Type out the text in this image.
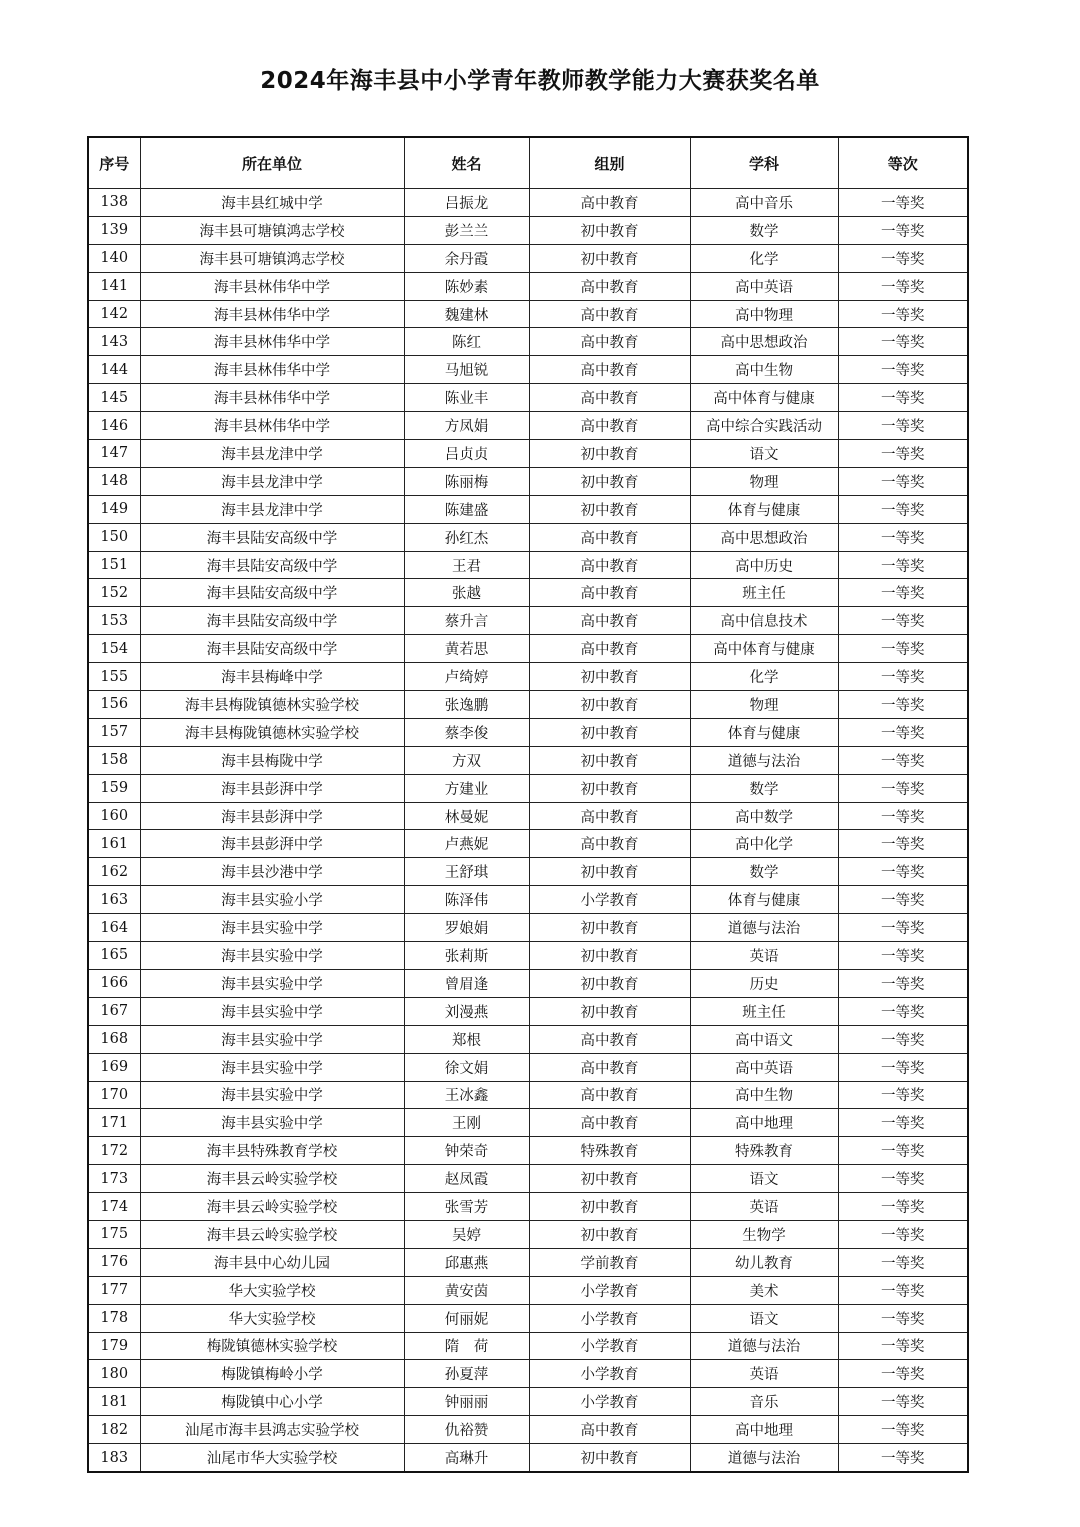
2024年海丰县中小学青年教师教学能力大赛获奖名单
序号	所在单位	姓名	组别	学科	等次
138	海丰县红城中学	吕振龙	高中教育	高中音乐	一等奖
139	海丰县可塘镇鸿志学校	彭兰兰	初中教育	数学	一等奖
140	海丰县可塘镇鸿志学校	余丹霞	初中教育	化学	一等奖
141	海丰县林伟华中学	陈妙素	高中教育	高中英语	一等奖
142	海丰县林伟华中学	魏建林	高中教育	高中物理	一等奖
143	海丰县林伟华中学	陈红	高中教育	高中思想政治	一等奖
144	海丰县林伟华中学	马旭锐	高中教育	高中生物	一等奖
145	海丰县林伟华中学	陈业丰	高中教育	高中体育与健康	一等奖
146	海丰县林伟华中学	方凤娟	高中教育	高中综合实践活动	一等奖
147	海丰县龙津中学	吕贞贞	初中教育	语文	一等奖
148	海丰县龙津中学	陈丽梅	初中教育	物理	一等奖
149	海丰县龙津中学	陈建盛	初中教育	体育与健康	一等奖
150	海丰县陆安高级中学	孙红杰	高中教育	高中思想政治	一等奖
151	海丰县陆安高级中学	王君	高中教育	高中历史	一等奖
152	海丰县陆安高级中学	张越	高中教育	班主任	一等奖
153	海丰县陆安高级中学	蔡升言	高中教育	高中信息技术	一等奖
154	海丰县陆安高级中学	黄若思	高中教育	高中体育与健康	一等奖
155	海丰县梅峰中学	卢绮婷	初中教育	化学	一等奖
156	海丰县梅陇镇德林实验学校	张逸鹏	初中教育	物理	一等奖
157	海丰县梅陇镇德林实验学校	蔡李俊	初中教育	体育与健康	一等奖
158	海丰县梅陇中学	方双	初中教育	道德与法治	一等奖
159	海丰县彭湃中学	方建业	初中教育	数学	一等奖
160	海丰县彭湃中学	林曼妮	高中教育	高中数学	一等奖
161	海丰县彭湃中学	卢燕妮	高中教育	高中化学	一等奖
162	海丰县沙港中学	王舒琪	初中教育	数学	一等奖
163	海丰县实验小学	陈泽伟	小学教育	体育与健康	一等奖
164	海丰县实验中学	罗娘娟	初中教育	道德与法治	一等奖
165	海丰县实验中学	张莉斯	初中教育	英语	一等奖
166	海丰县实验中学	曾眉逢	初中教育	历史	一等奖
167	海丰县实验中学	刘漫燕	初中教育	班主任	一等奖
168	海丰县实验中学	郑根	高中教育	高中语文	一等奖
169	海丰县实验中学	徐文娟	高中教育	高中英语	一等奖
170	海丰县实验中学	王冰鑫	高中教育	高中生物	一等奖
171	海丰县实验中学	王刚	高中教育	高中地理	一等奖
172	海丰县特殊教育学校	钟荣奇	特殊教育	特殊教育	一等奖
173	海丰县云岭实验学校	赵凤霞	初中教育	语文	一等奖
174	海丰县云岭实验学校	张雪芳	初中教育	英语	一等奖
175	海丰县云岭实验学校	吴婷	初中教育	生物学	一等奖
176	海丰县中心幼儿园	邱惠燕	学前教育	幼儿教育	一等奖
177	华大实验学校	黄安茵	小学教育	美术	一等奖
178	华大实验学校	何丽妮	小学教育	语文	一等奖
179	梅陇镇德林实验学校	隋　荷	小学教育	道德与法治	一等奖
180	梅陇镇梅岭小学	孙夏萍	小学教育	英语	一等奖
181	梅陇镇中心小学	钟丽丽	小学教育	音乐	一等奖
182	汕尾市海丰县鸿志实验学校	仇裕赞	高中教育	高中地理	一等奖
183	汕尾市华大实验学校	高琳升	初中教育	道德与法治	一等奖
